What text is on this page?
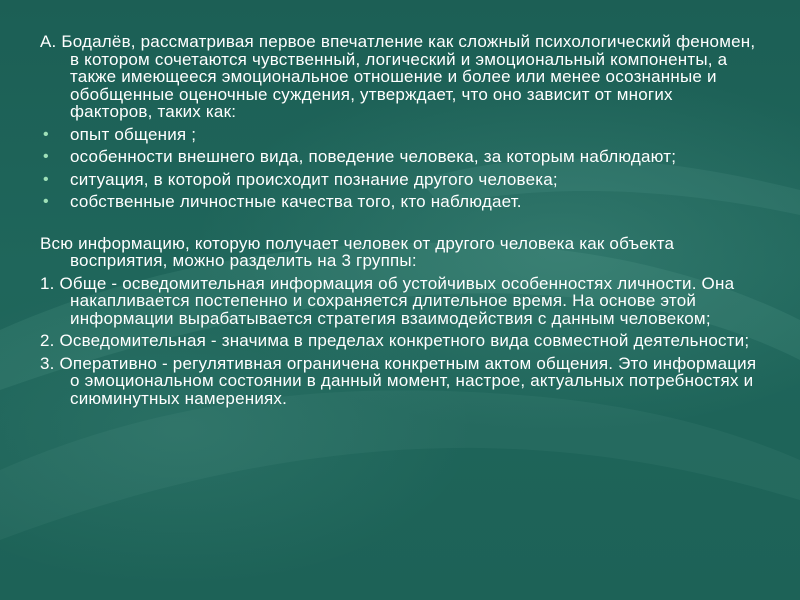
А. Бодалёв, рассматривая первое впечатление как сложный психологический феномен, в котором сочетаются чувственный, логический и эмоциональный компоненты, а также имеющееся эмоциональное отношение и более или менее осознанные и обобщенные оценочные суждения, утверждает, что оно зависит от многих факторов, таких как:

• опыт общения ;
• особенности внешнего вида, поведение человека, за которым наблюдают;
• ситуация, в которой происходит познание другого человека;
• собственные личностные качества того, кто наблюдает.

Всю информацию, которую получает человек от другого человека как объекта восприятия, можно разделить на 3 группы:

1. Обще - осведомительная информация об устойчивых особенностях личности. Она накапливается постепенно и сохраняется длительное время. На основе этой информации вырабатывается стратегия взаимодействия с данным человеком;

2. Осведомительная - значима в пределах конкретного вида совместной деятельности;

3. Оперативно - регулятивная ограничена конкретным актом общения. Это информация о эмоциональном состоянии в данный момент, настрое, актуальных потребностях и сиюминутных намерениях.
